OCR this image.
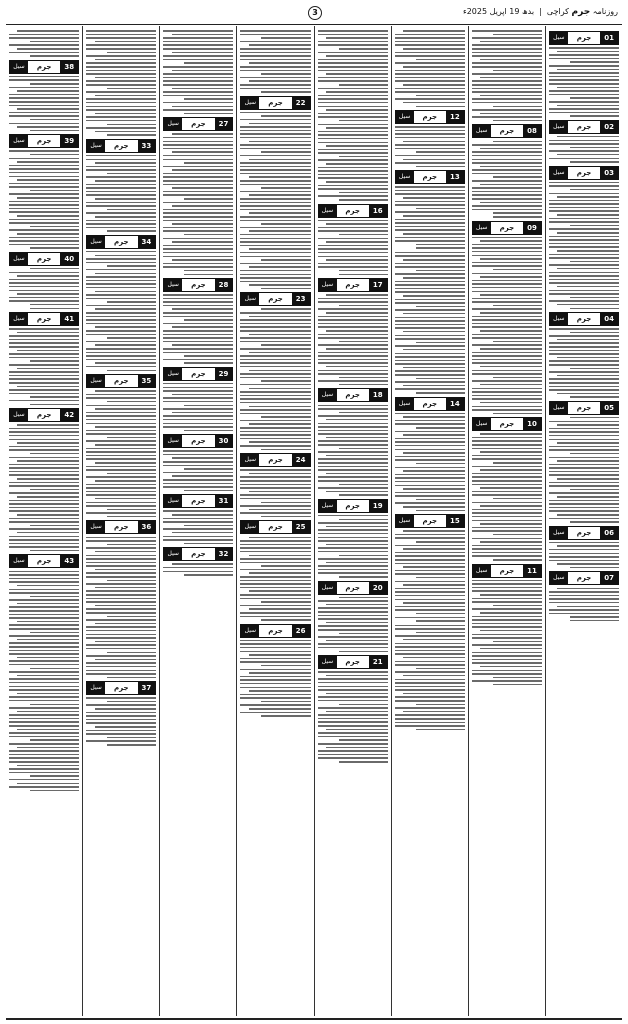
روزنامہ جرم کراچی  |  بدھ 19 اپریل 2025ء
3
سیل	جرم	01
سیل	جرم	02
سیل	جرم	03
سیل	جرم	04
سیل	جرم	05
سیل	جرم	06
سیل	جرم	07
سیل	جرم	08
سیل	جرم	09
سیل	جرم	10
سیل	جرم	11
سیل	جرم	12
سیل	جرم	13
سیل	جرم	14
سیل	جرم	15
سیل	جرم	16
سیل	جرم	17
سیل	جرم	18
سیل	جرم	19
سیل	جرم	20
سیل	جرم	21
سیل	جرم	22
سیل	جرم	23
سیل	جرم	24
سیل	جرم	25
سیل	جرم	26
سیل	جرم	27
سیل	جرم	28
سیل	جرم	29
سیل	جرم	30
سیل	جرم	31
سیل	جرم	32
سیل	جرم	33
سیل	جرم	34
سیل	جرم	35
سیل	جرم	36
سیل	جرم	37
سیل	جرم	38
سیل	جرم	39
سیل	جرم	40
سیل	جرم	41
سیل	جرم	42
سیل	جرم	43
